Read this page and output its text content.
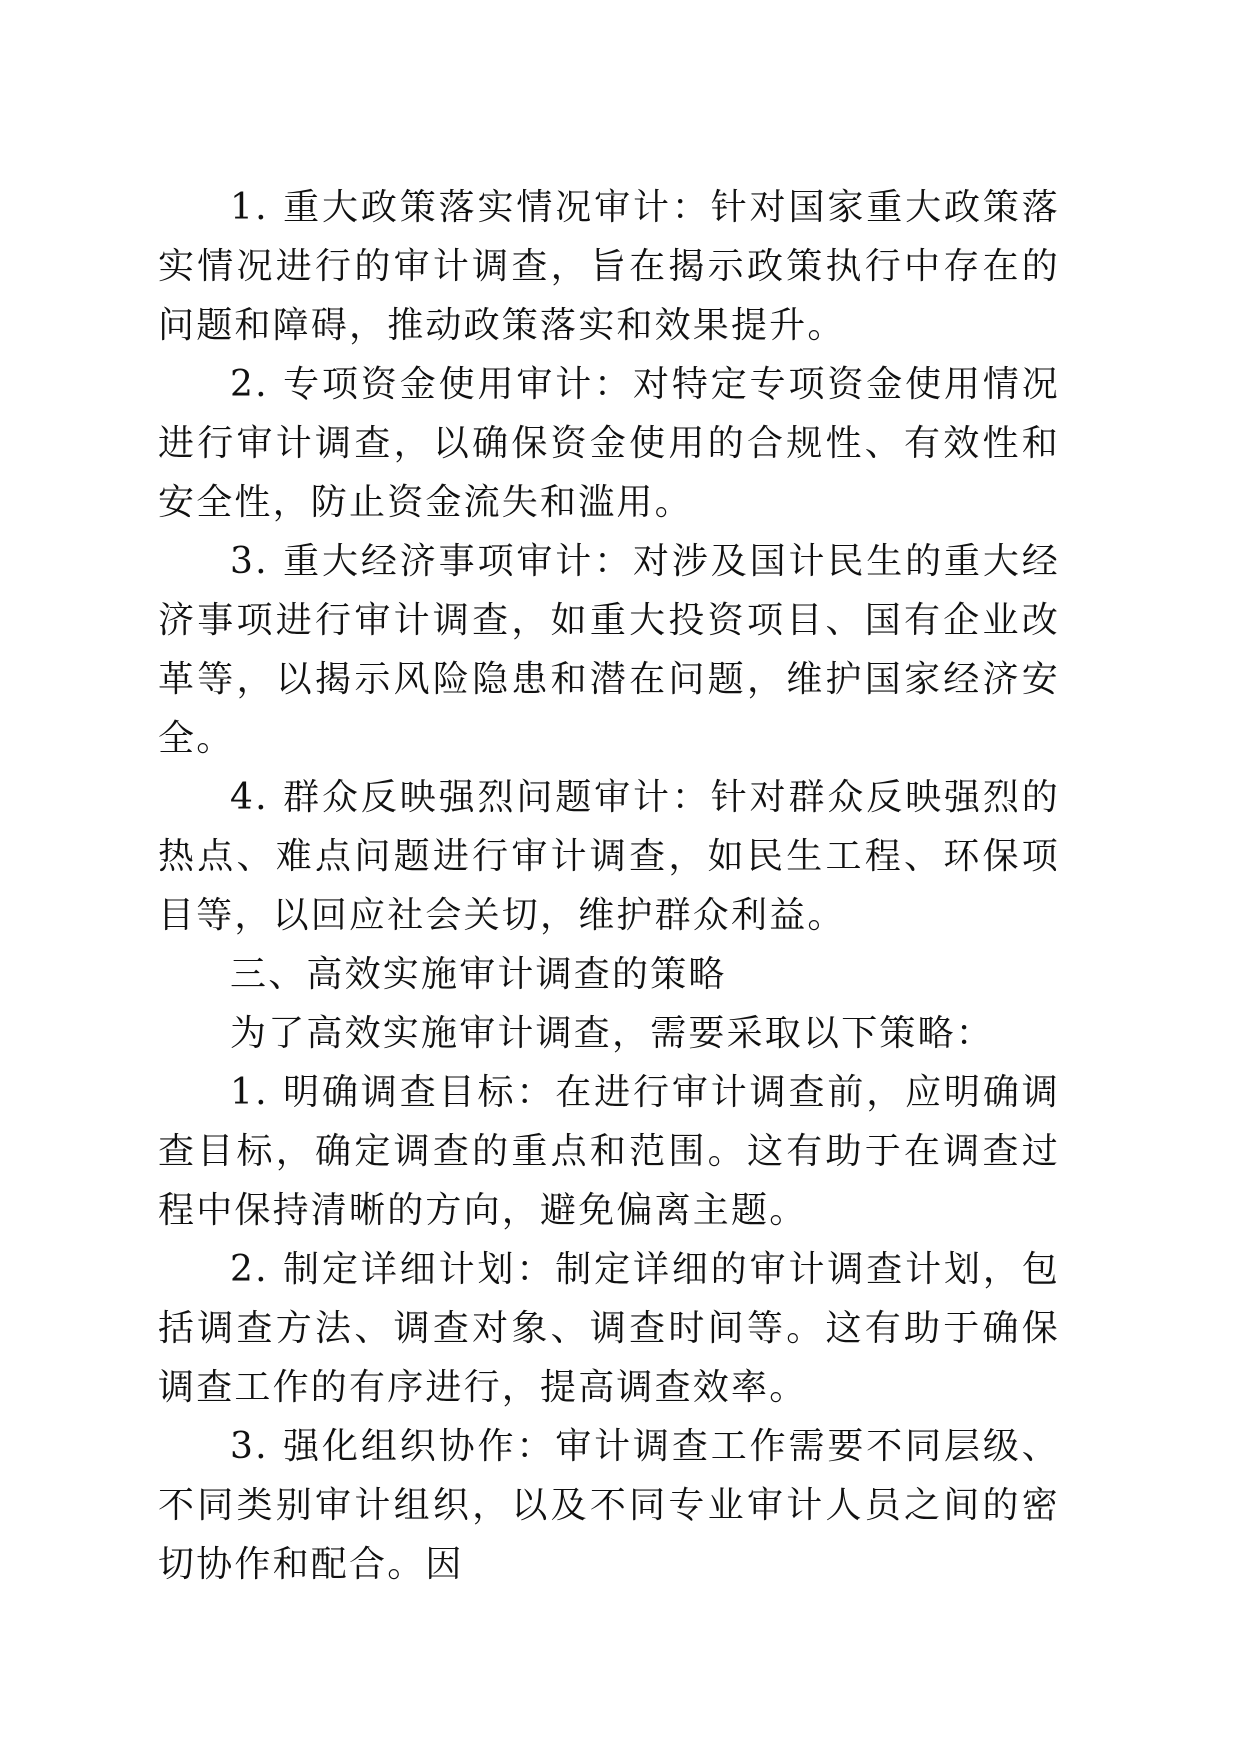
1. 重大政策落实情况审计：针对国家重大政策落实情况进行的审计调查，旨在揭示政策执行中存在的问题和障碍，推动政策落实和效果提升。

2. 专项资金使用审计：对特定专项资金使用情况进行审计调查，以确保资金使用的合规性、有效性和安全性，防止资金流失和滥用。

3. 重大经济事项审计：对涉及国计民生的重大经济事项进行审计调查，如重大投资项目、国有企业改革等，以揭示风险隐患和潜在问题，维护国家经济安全。

4. 群众反映强烈问题审计：针对群众反映强烈的热点、难点问题进行审计调查，如民生工程、环保项目等，以回应社会关切，维护群众利益。

三、高效实施审计调查的策略

为了高效实施审计调查，需要采取以下策略：

1. 明确调查目标：在进行审计调查前，应明确调查目标，确定调查的重点和范围。这有助于在调查过程中保持清晰的方向，避免偏离主题。

2. 制定详细计划：制定详细的审计调查计划，包括调查方法、调查对象、调查时间等。这有助于确保调查工作的有序进行，提高调查效率。

3. 强化组织协作：审计调查工作需要不同层级、不同类别审计组织，以及不同专业审计人员之间的密切协作和配合。因
